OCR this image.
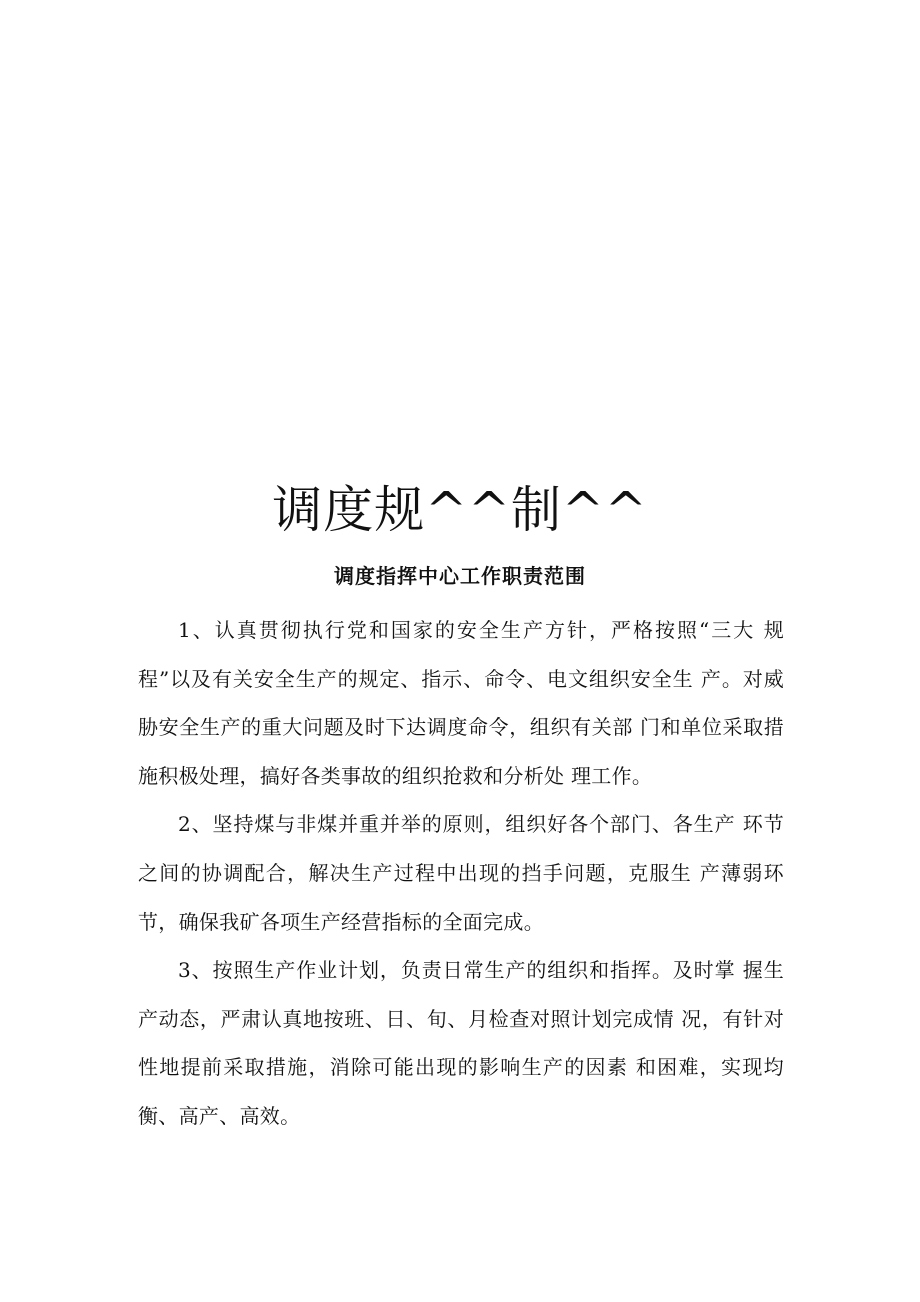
调度规^^制^^
调度指挥中心工作职责范围

1、认真贯彻执行党和国家的安全生产方针，严格按照“三大 规程”以及有关安全生产的规定、指示、命令、电文组织安全生 产。对威胁安全生产的重大问题及时下达调度命令，组织有关部 门和单位采取措施积极处理，搞好各类事故的组织抢救和分析处 理工作。

2、坚持煤与非煤并重并举的原则，组织好各个部门、各生产 环节之间的协调配合，解决生产过程中出现的挡手问题，克服生 产薄弱环节，确保我矿各项生产经营指标的全面完成。

3、按照生产作业计划，负责日常生产的组织和指挥。及时掌 握生产动态，严肃认真地按班、日、旬、月检查对照计划完成情 况，有针对性地提前采取措施，消除可能出现的影响生产的因素 和困难，实现均衡、高产、高效。
